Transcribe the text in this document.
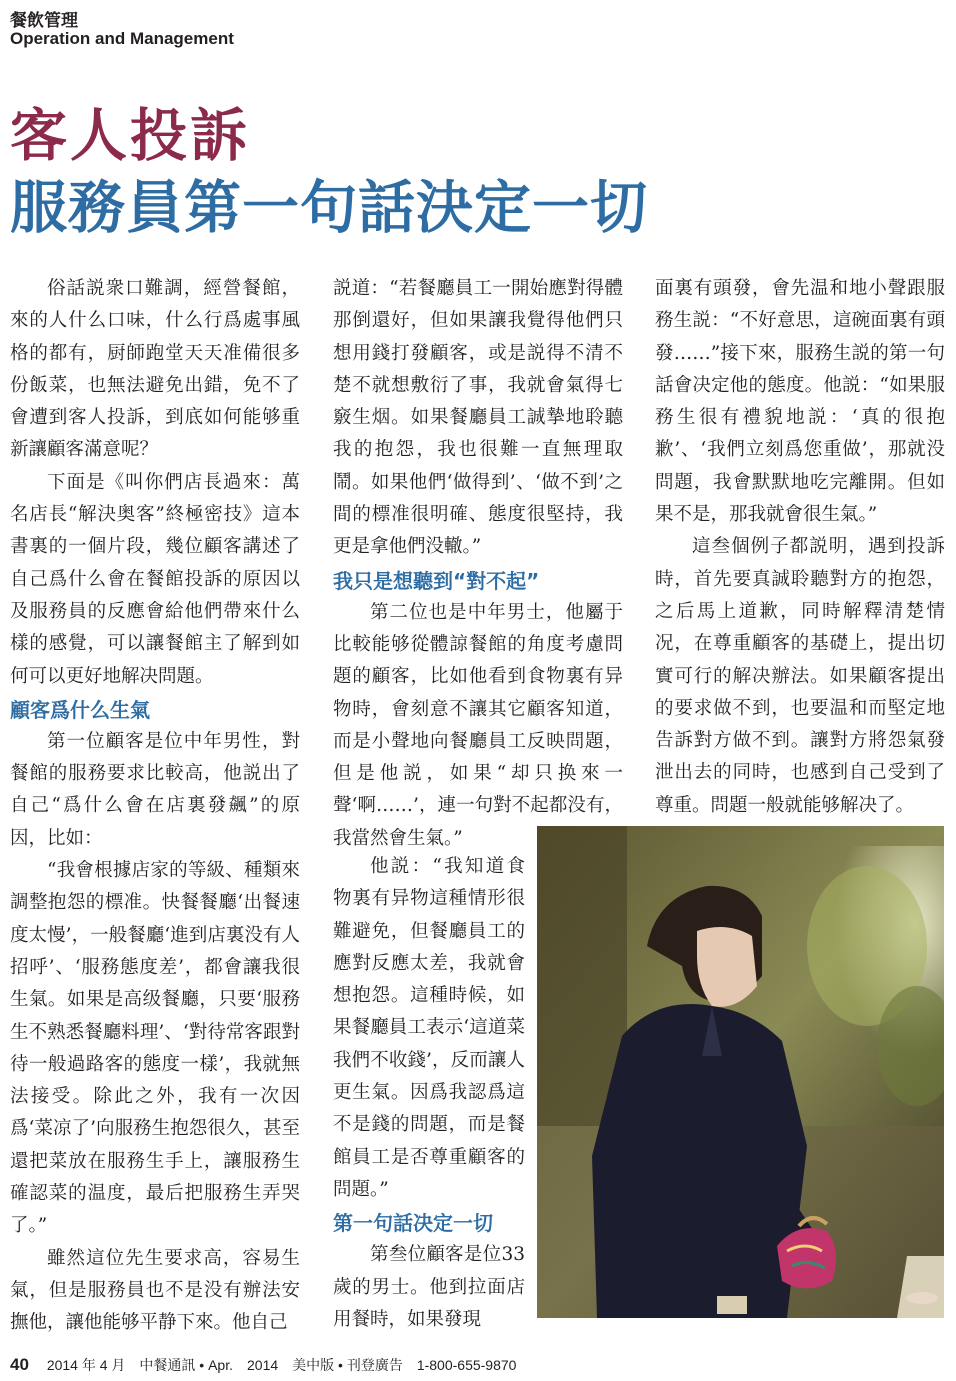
餐飲管理
Operation and Management
客人投訴
服務員第一句話決定一切

俗話説衆口難調，經營餐館，來的人什么口味，什么行爲處事風格的都有，厨師跑堂天天准備很多份飯菜，也無法避免出錯，免不了會遭到客人投訴，到底如何能够重新讓顧客滿意呢？

下面是《叫你們店長過來：萬名店長“解決奥客”終極密技》這本書裏的一個片段，幾位顧客講述了自己爲什么會在餐館投訴的原因以及服務員的反應會給他們帶來什么樣的感覺，可以讓餐館主了解到如何可以更好地解决問題。

顧客爲什么生氣

第一位顧客是位中年男性，對餐館的服務要求比較高，他説出了自己“爲什么會在店裏發飆”的原因，比如：

“我會根據店家的等級、種類來調整抱怨的標准。快餐餐廳‘出餐速度太慢’，一般餐廳‘進到店裏没有人招呼’、‘服務態度差’，都會讓我很生氣。如果是高级餐廳，只要‘服務生不熟悉餐廳料理’、‘對待常客跟對待一般過路客的態度一樣’，我就無法接受。除此之外，我有一次因爲‘菜凉了’向服務生抱怨很久，甚至還把菜放在服務生手上，讓服務生確認菜的温度，最后把服務生弄哭了。”

雖然這位先生要求高，容易生氣，但是服務員也不是没有辦法安撫他，讓他能够平静下來。他自己

説道：“若餐廳員工一開始應對得體那倒還好，但如果讓我覺得他們只想用錢打發顧客，或是説得不清不楚不就想敷衍了事，我就會氣得七竅生烟。如果餐廳員工誠摯地聆聽我的抱怨，我也很難一直無理取鬧。如果他們‘做得到’、‘做不到’之間的標准很明確、態度很堅持，我更是拿他們没轍。”

我只是想聽到“對不起”

第二位也是中年男士，他屬于比較能够從體諒餐館的角度考慮問題的顧客，比如他看到食物裏有异物時，會刻意不讓其它顧客知道，而是小聲地向餐廳員工反映問題，但是他説，如果“却只换來一聲‘啊……’，連一句對不起都没有，我當然會生氣。”

他説：“我知道食物裏有异物這種情形很難避免，但餐廳員工的應對反應太差，我就會想抱怨。這種時候，如果餐廳員工表示‘這道菜我們不收錢’，反而讓人更生氣。因爲我認爲這不是錢的問題，而是餐館員工是否尊重顧客的問題。”

第一句話决定一切

第叁位顧客是位33歲的男士。他到拉面店用餐時，如果發現

面裏有頭發，會先温和地小聲跟服務生説：“不好意思，這碗面裏有頭發……”接下來，服務生説的第一句話會决定他的態度。他説：“如果服務生很有禮貌地説：‘真的很抱歉’、‘我們立刻爲您重做’，那就没問題，我會默默地吃完離開。但如果不是，那我就會很生氣。”

這叁個例子都説明，遇到投訴時，首先要真誠聆聽對方的抱怨，之后馬上道歉，同時解釋清楚情况，在尊重顧客的基礎上，提出切實可行的解决辦法。如果顧客提出的要求做不到，也要温和而堅定地告訴對方做不到。讓對方將怨氣發泄出去的同時，也感到自己受到了尊重。問題一般就能够解决了。

40 2014 年 4 月　中餐通訊 • Apr.　2014　美中版 • 刊登廣告　1-800-655-9870
